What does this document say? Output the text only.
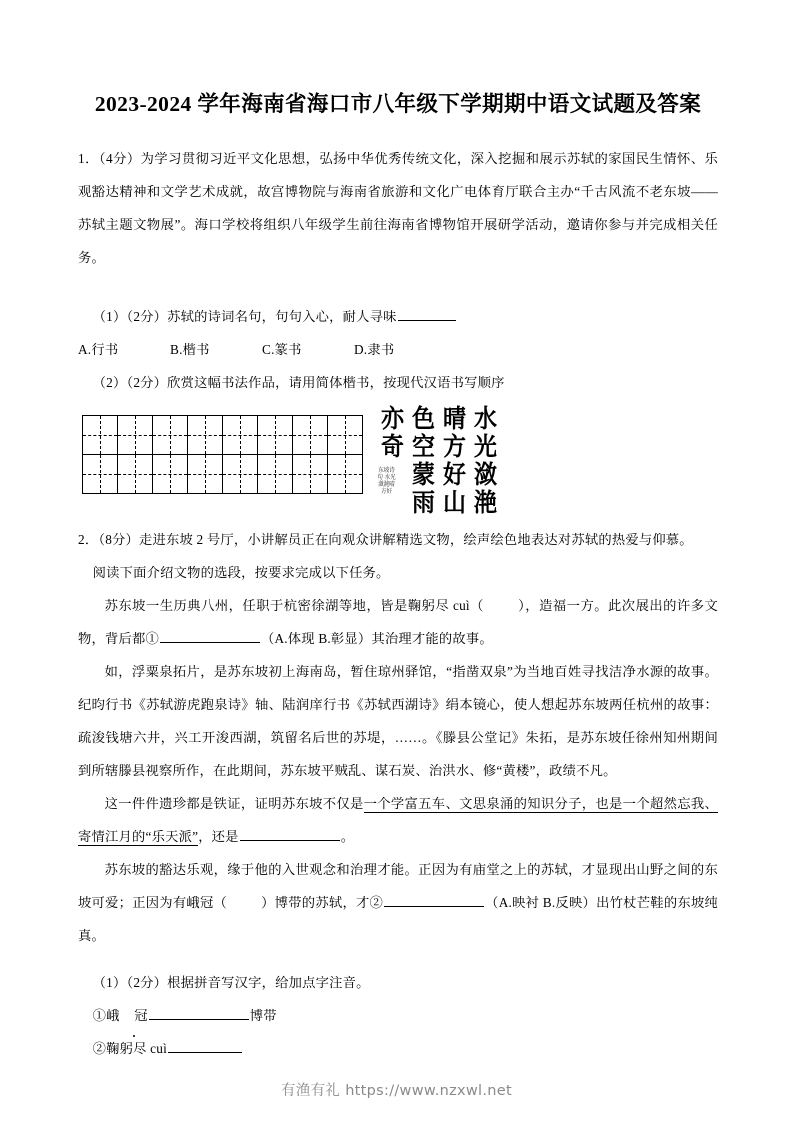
2023-2024 学年海南省海口市八年级下学期期中语文试题及答案

1．（4分）为学习贯彻习近平文化思想，弘扬中华优秀传统文化，深入挖掘和展示苏轼的家国民生情怀、乐观豁达精神和文学艺术成就，故宫博物院与海南省旅游和文化广电体育厅联合主办“千古风流不老东坡——苏轼主题文物展”。海口学校将组织八年级学生前往海南省博物馆开展研学活动，邀请你参与并完成相关任务。

（1）（2分）苏轼的诗词名句，句句入心，耐人寻味

A.行书	B.楷书	C.篆书	D.隶书

（2）（2分）欣赏这幅书法作品，请用简体楷书，按现代汉语书写顺序

水
光
潋
滟
晴
方
好
山
色
空
蒙
雨
亦
奇
东坡诗句 水光潋滟晴方好

2．（8分）走进东坡 2 号厅，小讲解员正在向观众讲解精选文物，绘声绘色地表达对苏轼的热爱与仰慕。

阅读下面介绍文物的选段，按要求完成以下任务。

苏东坡一生历典八州，任职于杭密徐湖等地，皆是鞠躬尽 cuì（	），造福一方。此次展出的许多文物，背后都①	（A.体现 B.彰显）其治理才能的故事。

如，浮粟泉拓片，是苏东坡初上海南岛，暂住琼州驿馆，“指凿双泉”为当地百姓寻找洁净水源的故事。纪昀行书《苏轼游虎跑泉诗》轴、陆润庠行书《苏轼西湖诗》绢本镜心，使人想起苏东坡两任杭州的故事：疏浚钱塘六井，兴工开浚西湖，筑留名后世的苏堤，……。《滕县公堂记》朱拓，是苏东坡任徐州知州期间到所辖滕县视察所作，在此期间，苏东坡平贼乱、谋石炭、治洪水、修“黄楼”，政绩不凡。

这一件件遗珍都是铁证，证明苏东坡不仅是一个学富五车、文思泉涌的知识分子，也是一个超然忘我、寄情江月的“乐天派”，还是	。

苏东坡的豁达乐观，缘于他的入世观念和治理才能。正因为有庙堂之上的苏轼，才显现出山野之间的东坡可爱；正因为有峨冠（	）博带的苏轼，才②	（A.映衬 B.反映）出竹杖芒鞋的东坡纯真。

（1）（2分）根据拼音写汉字，给加点字注音。

①峨 冠	博带

②鞠躬尽 cuì

有渔有礼 https://www.nzxwl.net
